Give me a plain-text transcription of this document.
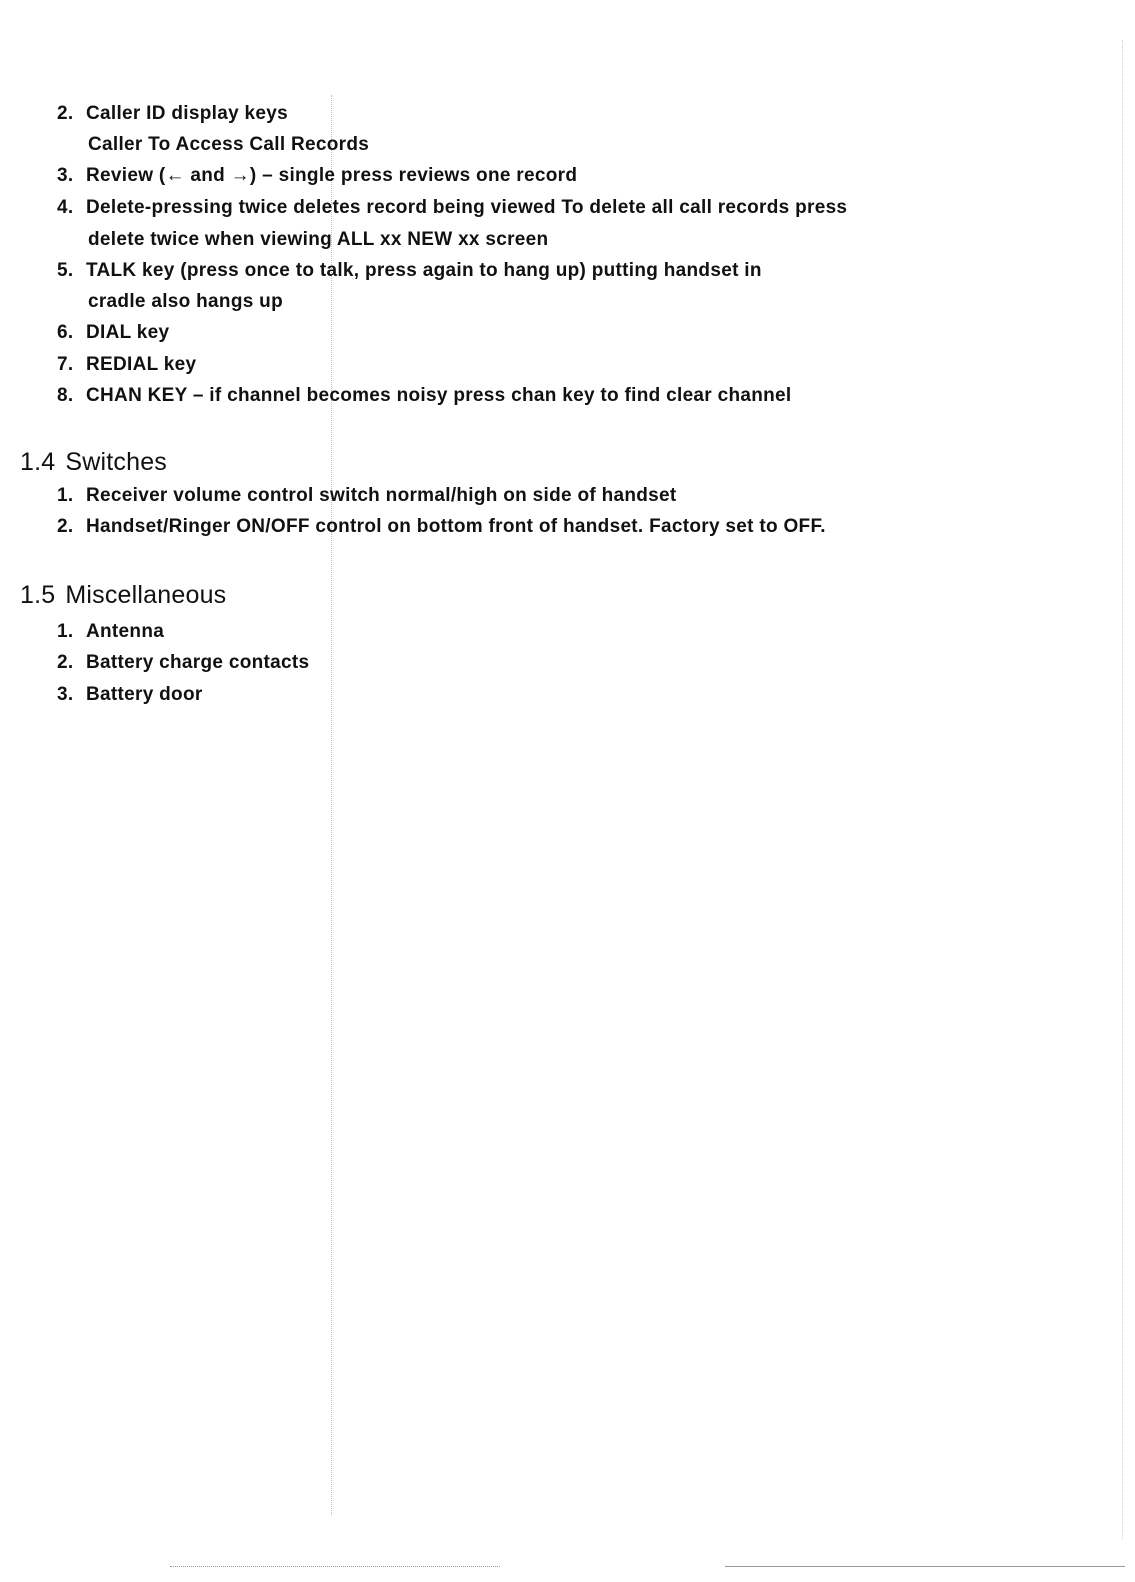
2. Caller ID display keys
Caller To Access Call Records
3. Review (← and →) – single press reviews one record
4. Delete-pressing twice deletes record being viewed To delete all call records press
delete twice when viewing ALL xx NEW xx screen
5. TALK key (press once to talk, press again to hang up) putting handset in
cradle also hangs up
6. DIAL key
7. REDIAL key
8. CHAN KEY – if channel becomes noisy press chan key to find clear channel
1.4 Switches
1. Receiver volume control switch normal/high on side of handset
2. Handset/Ringer ON/OFF control on bottom front of handset. Factory set to OFF.
1.5 Miscellaneous
1. Antenna
2. Battery charge contacts
3. Battery door
